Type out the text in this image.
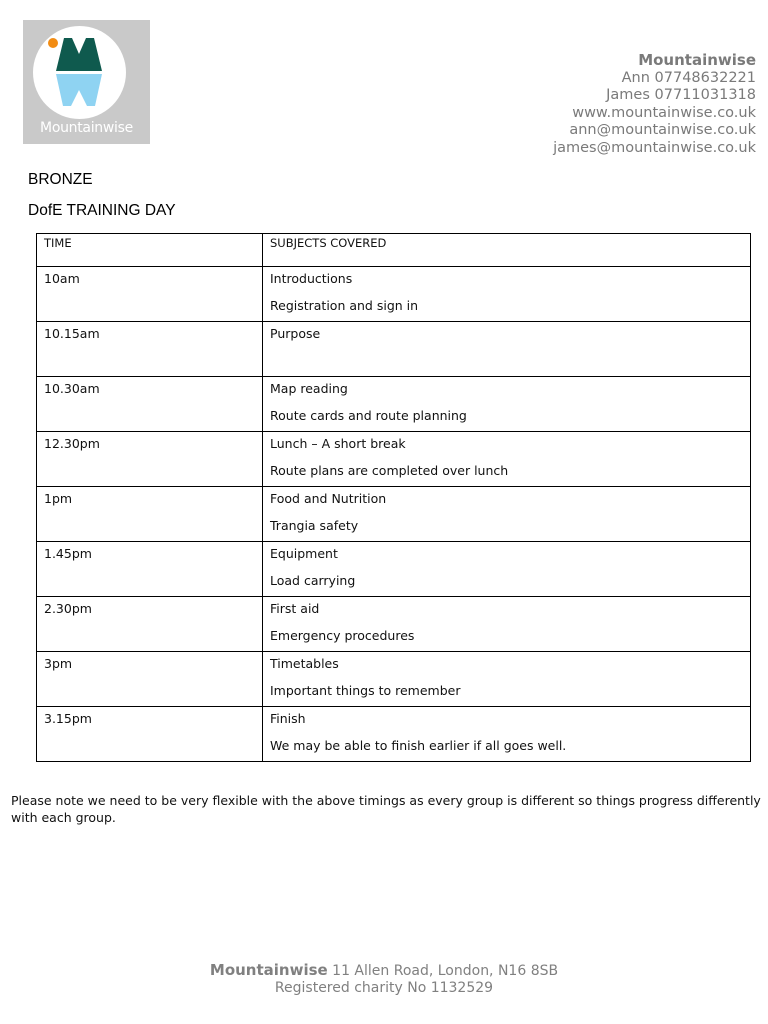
Mountainwise
Mountainwise
Ann 07748632221
James 07711031318
www.mountainwise.co.uk
ann@mountainwise.co.uk
james@mountainwise.co.uk
BRONZE
DofE TRAINING DAY
TIME	SUBJECTS COVERED

10am	Introductions
Registration and sign in

10.15am	Purpose

10.30am	Map reading
Route cards and route planning

12.30pm	Lunch – A short break
Route plans are completed over lunch

1pm	Food and Nutrition
Trangia safety

1.45pm	Equipment
Load carrying

2.30pm	First aid
Emergency procedures

3pm	Timetables
Important things to remember

3.15pm	Finish
We may be able to finish earlier if all goes well.
Please note we need to be very flexible with the above timings as every group is different so things progress differently with each group.
Mountainwise 11 Allen Road, London, N16 8SB
Registered charity No 1132529
